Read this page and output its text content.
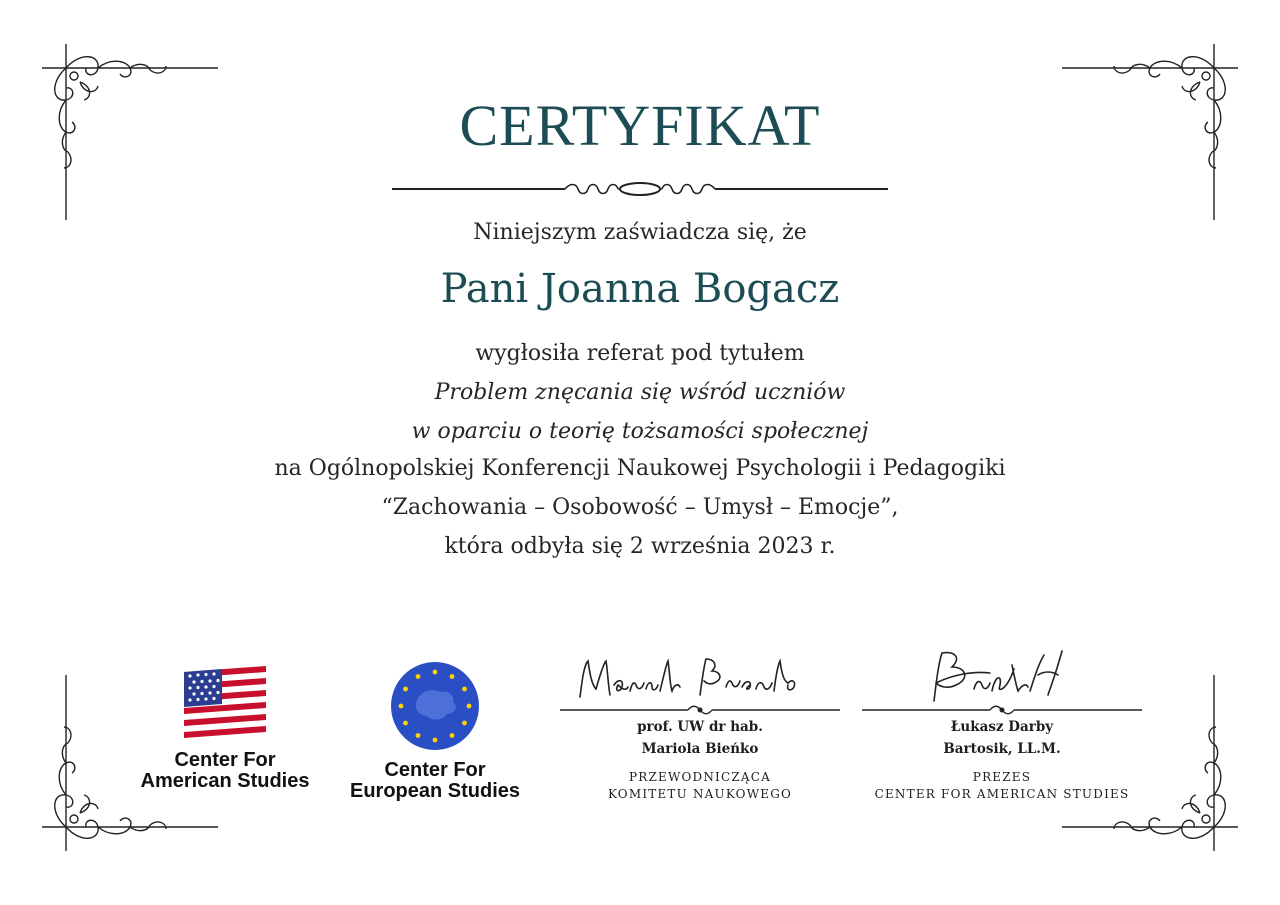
CERTYFIKAT
Niniejszym zaświadcza się, że
Pani Joanna Bogacz
wygłosiła referat pod tytułem
Problem znęcania się wśród uczniów
w oparciu o teorię tożsamości społecznej
na Ogólnopolskiej Konferencji Naukowej Psychologii i Pedagogiki
“Zachowania – Osobowość – Umysł – Emocje”,
która odbyła się 2 września 2023 r.
Center For
American Studies	Center For
European Studies
prof. UW dr hab.
Mariola Bieńko
PRZEWODNICZĄCA
KOMITETU NAUKOWEGO
Łukasz Darby
Bartosik, LL.M.
PREZES
CENTER FOR AMERICAN STUDIES
